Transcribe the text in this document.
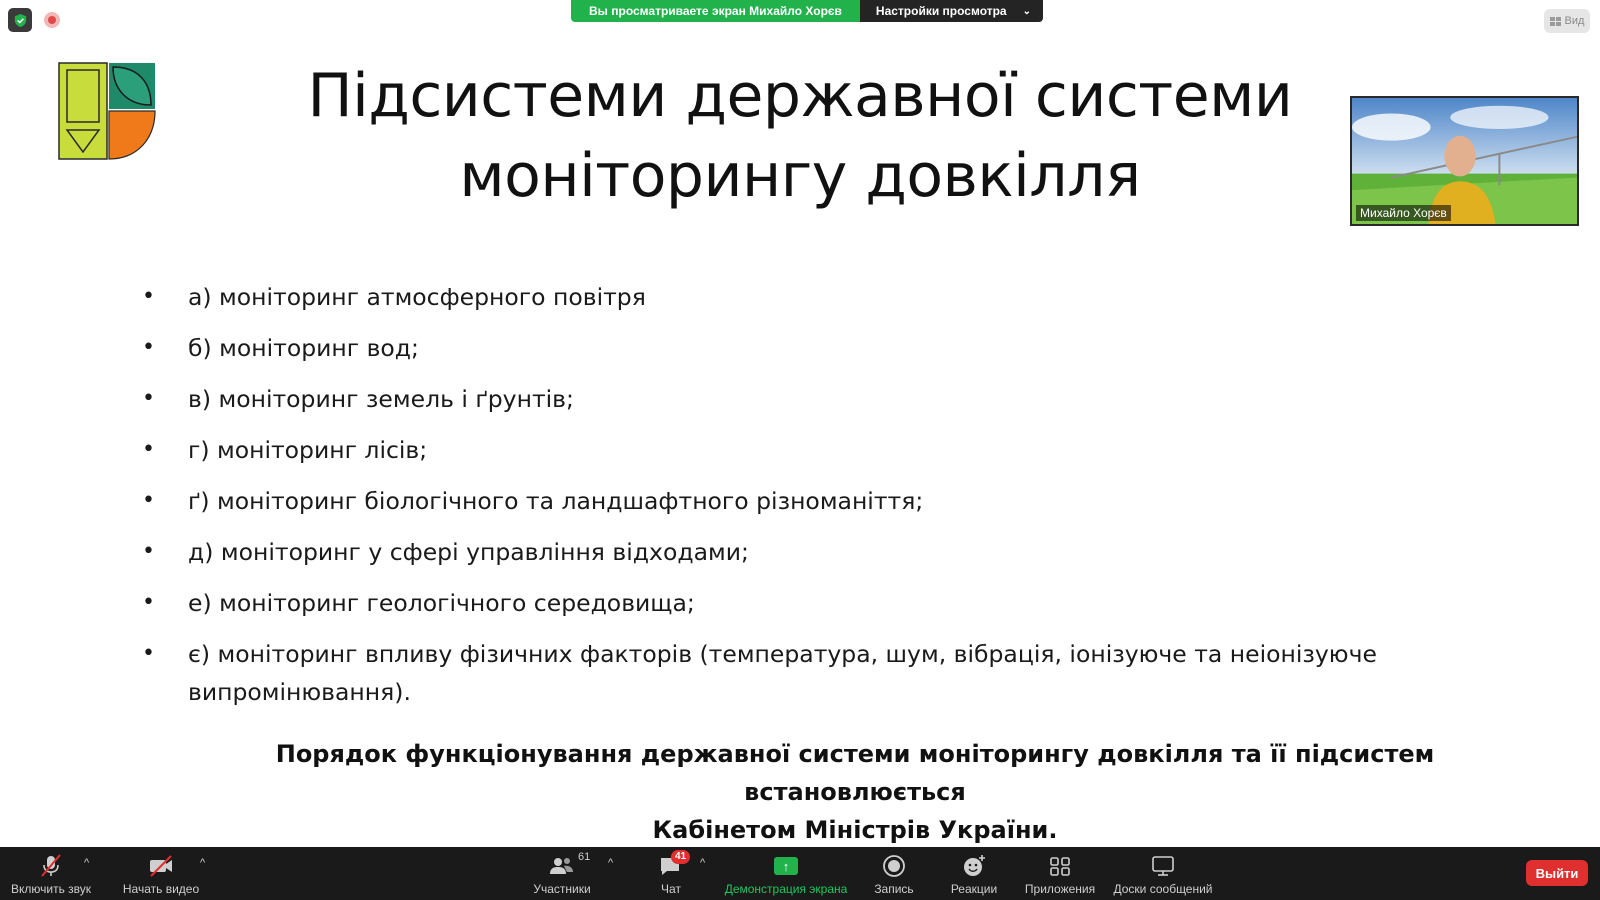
Вы просматриваете экран Михайло Хорєв	Настройки просмотра ⌄
Вид
Підсистеми державної системи
моніторингу довкілля
• а) моніторинг атмосферного повітря
• б) моніторинг вод;
• в) моніторинг земель і ґрунтів;
• г) моніторинг лісів;
• ґ) моніторинг біологічного та ландшафтного різноманіття;
• д) моніторинг у сфері управління відходами;
• е) моніторинг геологічного середовища;
• є) моніторинг впливу фізичних факторів (температура, шум, вібрація, іонізуюче та неіонізуюче випромінювання).
Порядок функціонування державної системи моніторингу довкілля та її підсистем встановлюється
Кабінетом Міністрів України.
Михайло Хорєв
Включить звук
^
Начать видео
^	61
Участники
^
41
Чат
^	↑
Демонстрация экрана Запись	Реакции Приложения Доски сообщений
Выйти
